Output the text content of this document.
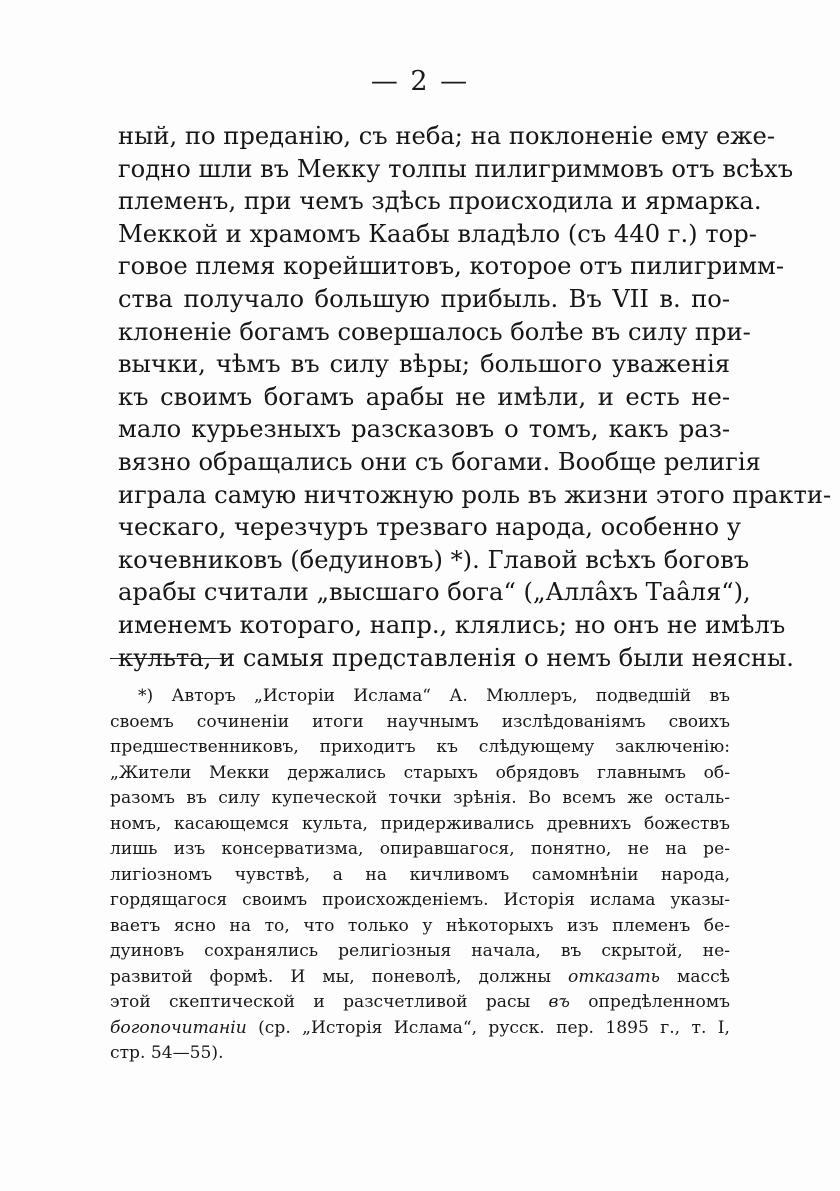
— 2 —
ный, по преданію, съ неба; на поклоненіе ему ежe-
годно шли въ Мекку толпы пилигриммовъ отъ всѣхъ
племенъ, при чемъ здѣсь происходила и ярмарка.
Меккой и храмомъ Каабы владѣло (съ 440 г.) тор-
говое племя корейшитовъ, которое отъ пилигримм-
ства получало большую прибыль. Въ VII в. по-
клоненіе богамъ совершалось болѣе въ силу при-
вычки, чѣмъ въ силу вѣры; большого уваженія
къ своимъ богамъ арабы не имѣли, и есть не-
мало курьезныхъ разсказовъ о томъ, какъ раз-
вязно обращались они съ богами. Вообще религія
играла самую ничтожную роль въ жизни этого практи-
ческаго, черезчуръ трезваго народа, особенно у
кочевниковъ (бедуиновъ) *). Главой всѣхъ боговъ
арабы считали „высшаго бога“ („Аллâхъ Таâля“),
именемъ котораго, напр., клялись; но онъ не имѣлъ
культа, и самыя представленія о немъ были неясны.
*) Авторъ „Исторіи Ислама“ А. Мюллеръ, подведшій въ
своемъ сочиненіи итоги научнымъ изслѣдованіямъ своихъ
предшественниковъ, приходитъ къ слѣдующему заключенію:
„Жители Мекки держались старыхъ обрядовъ главнымъ об-
разомъ въ силу купеческой точки зрѣнія. Во всемъ же осталь-
номъ, касающемся культа, придерживались древнихъ божествъ
лишь изъ консерватизма, опиравшагося, понятно, не на ре-
лигіозномъ чувствѣ, а на кичливомъ самомнѣніи народа,
гордящагося своимъ происхожденіемъ. Исторія ислама указы-
ваетъ ясно на то, что только у нѣкоторыхъ изъ племенъ бе-
дуиновъ сохранялись религіозныя начала, въ скрытой, не-
развитой формѣ. И мы, поневолѣ, должны отказать массѣ
этой скептической и разсчетливой расы въ опредѣленномъ
богопочитаніи (ср. „Исторія Ислама“, русск. пер. 1895 г., т. I,
стр. 54—55).
